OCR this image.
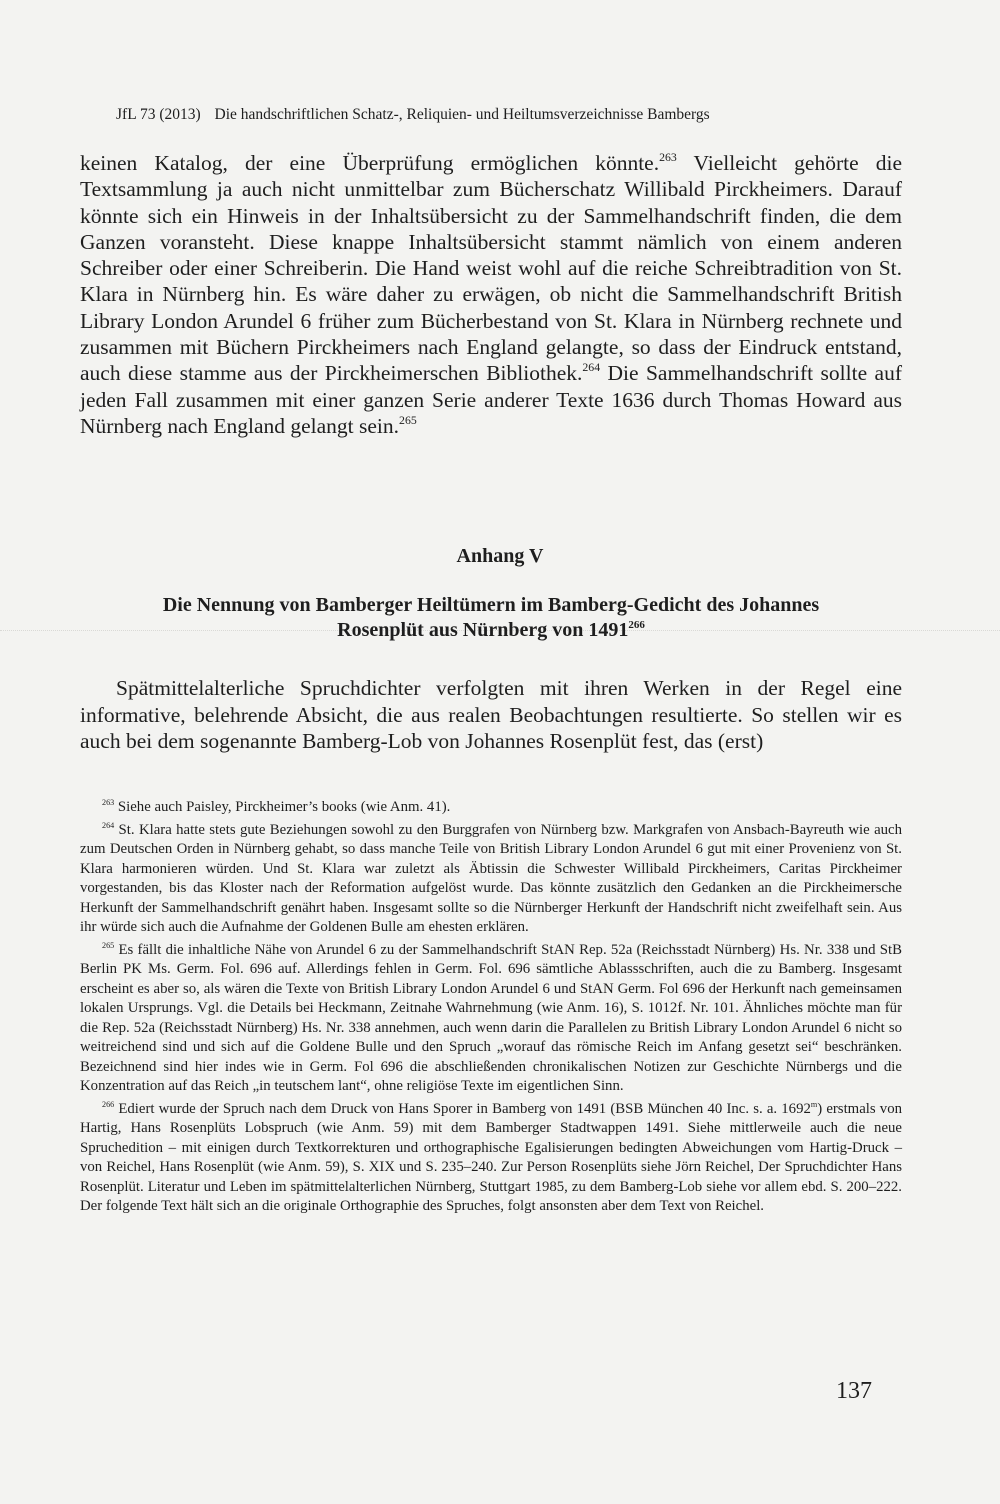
JfL 73 (2013) Die handschriftlichen Schatz-, Reliquien- und Heiltumsverzeichnisse Bambergs

keinen Katalog, der eine Überprüfung ermöglichen könnte.$^{263}$ Vielleicht gehörte die Textsammlung ja auch nicht unmittelbar zum Bücherschatz Willibald Pirckheimers. Darauf könnte sich ein Hinweis in der Inhaltsübersicht zu der Sammelhandschrift finden, die dem Ganzen voransteht. Diese knappe Inhaltsübersicht stammt nämlich von einem anderen Schreiber oder einer Schreiberin. Die Hand weist wohl auf die reiche Schreibtradition von St. Klara in Nürnberg hin. Es wäre daher zu erwägen, ob nicht die Sammelhandschrift British Library London Arundel 6 früher zum Bücherbestand von St. Klara in Nürnberg rechnete und zusammen mit Büchern Pirckheimers nach England gelangte, so dass der Eindruck entstand, auch diese stamme aus der Pirckheimerschen Bibliothek.$^{264}$ Die Sammelhandschrift sollte auf jeden Fall zusammen mit einer ganzen Serie anderer Texte 1636 durch Thomas Howard aus Nürnberg nach England gelangt sein.$^{265}$

Anhang V
Die Nennung von Bamberger Heiltümern im Bamberg-Gedicht des Johannes
Rosenplüt aus Nürnberg von 1491$^{266}$

Spätmittelalterliche Spruchdichter verfolgten mit ihren Werken in der Regel eine informative, belehrende Absicht, die aus realen Beobachtungen resultierte. So stellen wir es auch bei dem sogenannte Bamberg-Lob von Johannes Rosenplüt fest, das (erst)

$^{263}$ Siehe auch Paisley, Pirckheimer’s books (wie Anm. 41).

$^{264}$ St. Klara hatte stets gute Beziehungen sowohl zu den Burggrafen von Nürnberg bzw. Markgrafen von Ansbach-Bayreuth wie auch zum Deutschen Orden in Nürnberg gehabt, so dass manche Teile von British Library London Arundel 6 gut mit einer Provenienz von St. Klara harmonieren würden. Und St. Klara war zuletzt als Äbtissin die Schwester Willibald Pirckheimers, Caritas Pirckheimer vorgestanden, bis das Kloster nach der Reformation aufgelöst wurde. Das könnte zusätzlich den Gedanken an die Pirckheimersche Herkunft der Sammelhandschrift genährt haben. Insgesamt sollte so die Nürnberger Herkunft der Handschrift nicht zweifelhaft sein. Aus ihr würde sich auch die Aufnahme der Goldenen Bulle am ehesten erklären.

$^{265}$ Es fällt die inhaltliche Nähe von Arundel 6 zu der Sammelhandschrift StAN Rep. 52a (Reichsstadt Nürnberg) Hs. Nr. 338 und StB Berlin PK Ms. Germ. Fol. 696 auf. Allerdings fehlen in Germ. Fol. 696 sämtliche Ablassschriften, auch die zu Bamberg. Insgesamt erscheint es aber so, als wären die Texte von British Library London Arundel 6 und StAN Germ. Fol 696 der Herkunft nach gemeinsamen lokalen Ursprungs. Vgl. die Details bei Heckmann, Zeitnahe Wahrnehmung (wie Anm. 16), S. 1012f. Nr. 101. Ähnliches möchte man für die Rep. 52a (Reichsstadt Nürnberg) Hs. Nr. 338 annehmen, auch wenn darin die Parallelen zu British Library London Arundel 6 nicht so weitreichend sind und sich auf die Goldene Bulle und den Spruch „worauf das römische Reich im Anfang gesetzt sei“ beschränken. Bezeichnend sind hier indes wie in Germ. Fol 696 die abschließenden chronikalischen Notizen zur Geschichte Nürnbergs und die Konzentration auf das Reich „in teutschem lant“, ohne religiöse Texte im eigentlichen Sinn.

$^{266}$ Ediert wurde der Spruch nach dem Druck von Hans Sporer in Bamberg von 1491 (BSB München 40 Inc. s. a. 1692$^m$) erstmals von Hartig, Hans Rosenplüts Lobspruch (wie Anm. 59) mit dem Bamberger Stadtwappen 1491. Siehe mittlerweile auch die neue Spruchedition – mit einigen durch Textkorrekturen und orthographische Egalisierungen bedingten Abweichungen vom Hartig-Druck – von Reichel, Hans Rosenplüt (wie Anm. 59), S. XIX und S. 235–240. Zur Person Rosenplüts siehe Jörn Reichel, Der Spruchdichter Hans Rosenplüt. Literatur und Leben im spätmittelalterlichen Nürnberg, Stuttgart 1985, zu dem Bamberg-Lob siehe vor allem ebd. S. 200–222. Der folgende Text hält sich an die originale Orthographie des Spruches, folgt ansonsten aber dem Text von Reichel.

137
